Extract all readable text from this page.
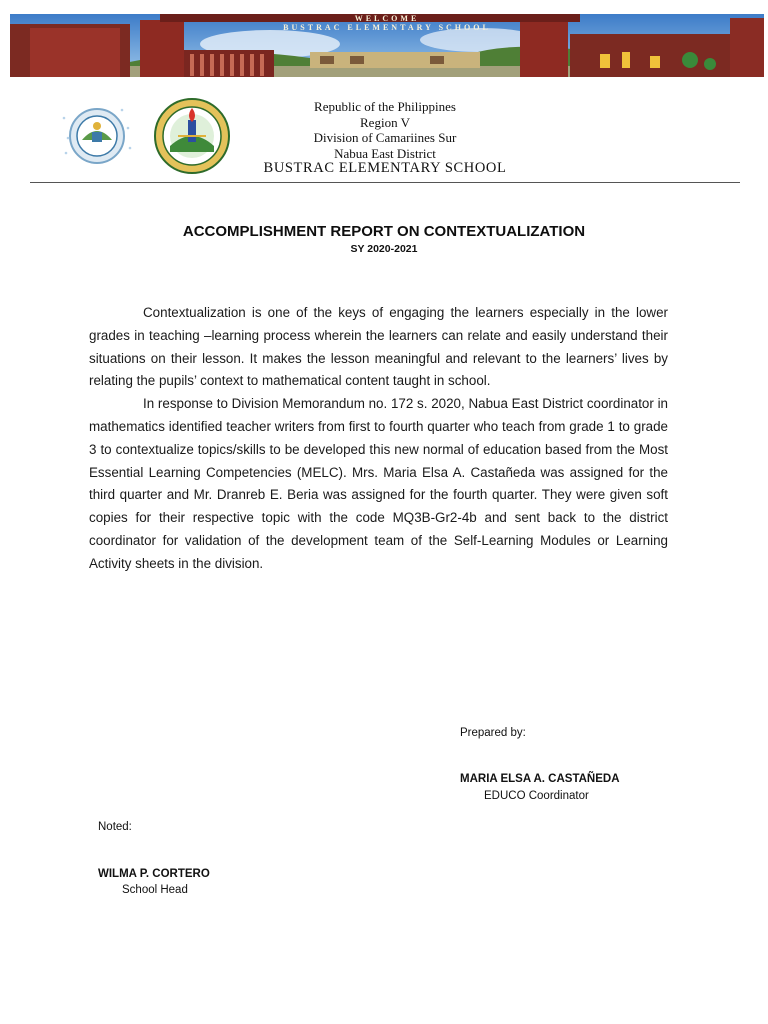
WELCOME
BUSTRAC ELEMENTARY SCHOOL
Republic of the Philippines
Region V
Division of Camariines Sur
Nabua East District
BUSTRAC ELEMENTARY SCHOOL
ACCOMPLISHMENT REPORT ON CONTEXTUALIZATION
SY 2020-2021

Contextualization is one of the keys of engaging the learners especially in the lower grades in teaching –learning process wherein the learners can relate and easily understand their situations on their lesson. It makes the lesson meaningful and relevant to the learners’ lives by relating the pupils’ context to mathematical content taught in school.

In response to Division Memorandum no. 172 s. 2020, Nabua East District coordinator in mathematics identified teacher writers from first to fourth quarter who teach from grade 1 to grade 3 to contextualize topics/skills to be developed this new normal of education based from the Most Essential Learning Competencies (MELC). Mrs. Maria Elsa A. Castañeda was assigned for the third quarter and Mr. Dranreb E. Beria was assigned for the fourth quarter. They were given soft copies for their respective topic with the code MQ3B-Gr2-4b and sent back to the district coordinator for validation of the development team of the Self-Learning Modules or Learning Activity sheets in the division.

Prepared by:
MARIA ELSA A. CASTAÑEDA
EDUCO Coordinator
Noted:
WILMA P. CORTERO
School Head
